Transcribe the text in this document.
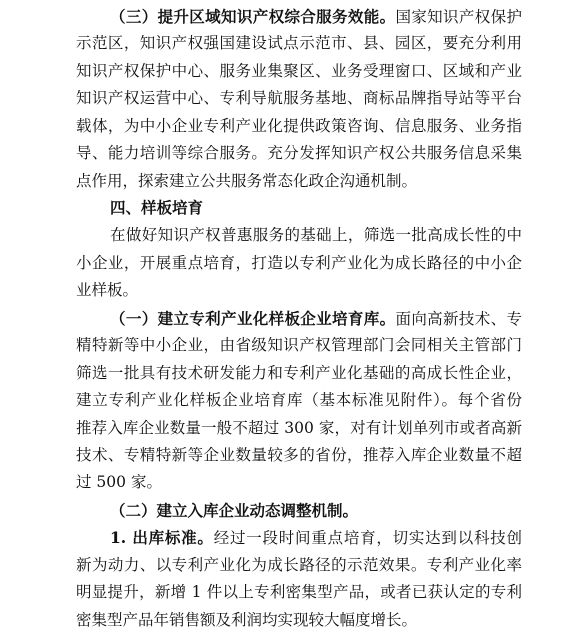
（三）提升区域知识产权综合服务效能。国家知识产权保护
示范区，知识产权强国建设试点示范市、县、园区，要充分利用
知识产权保护中心、服务业集聚区、业务受理窗口、区域和产业
知识产权运营中心、专利导航服务基地、商标品牌指导站等平台
载体，为中小企业专利产业化提供政策咨询、信息服务、业务指
导、能力培训等综合服务。充分发挥知识产权公共服务信息采集
点作用，探索建立公共服务常态化政企沟通机制。
四、样板培育
在做好知识产权普惠服务的基础上，筛选一批高成长性的中
小企业，开展重点培育，打造以专利产业化为成长路径的中小企
业样板。
（一）建立专利产业化样板企业培育库。面向高新技术、专
精特新等中小企业，由省级知识产权管理部门会同相关主管部门
筛选一批具有技术研发能力和专利产业化基础的高成长性企业，
建立专利产业化样板企业培育库（基本标准见附件）。每个省份
推荐入库企业数量一般不超过 300 家，对有计划单列市或者高新
技术、专精特新等企业数量较多的省份，推荐入库企业数量不超
过 500 家。
（二）建立入库企业动态调整机制。
1. 出库标准。经过一段时间重点培育，切实达到以科技创
新为动力、以专利产业化为成长路径的示范效果。专利产业化率
明显提升，新增 1 件以上专利密集型产品，或者已获认定的专利
密集型产品年销售额及利润均实现较大幅度增长。
